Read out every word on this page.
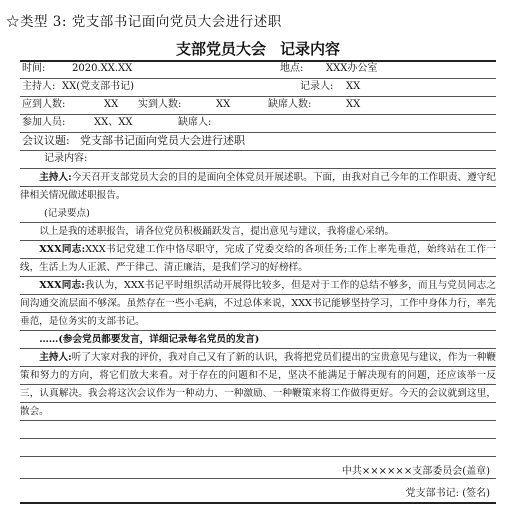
☆类型 3: 党支部书记面向党员大会进行述职
支部党员大会 记录内容
时间:	2020.XX.XX	地点: XXX办公室
主持人: XX(党支部书记)	记录人: XX
应到人数:	XX 实到人数:	XX	缺席人数:	XX
参加人员:	XX、XX	缺席人:
会议议题: 党支部书记面向党员大会进行述职
记录内容:
主持人:今天召开支部党员大会的目的是面向全体党员开展述职。下面，由我对自己今年的工作职责、遵守纪律相关情况做述职报告。
(记录要点)
以上是我的述职报告，请各位党员积极踊跃发言，提出意见与建议，我将虚心采纳。
XXX同志:XXX书记党建工作中恪尽职守，完成了党委交给的各项任务;工作上率先垂范，始终站在工作一线，生活上为人正派、严于律己、清正廉洁，是我们学习的好榜样。
XXX同志:我认为，XXX书记平时组织活动开展得比较多，但是对于工作的总结不够多，而且与党员同志之间沟通交流层面不够深。虽然存在一些小毛病，不过总体来说，XXX书记能够坚持学习，工作中身体力行，率先垂范，是位务实的支部书记。
……(参会党员都要发言，详细记录每名党员的发言)
主持人:听了大家对我的评价，我对自己又有了新的认识，我将把党员们提出的宝贵意见与建议，作为一种鞭策和努力的方向，将它们放大来看。对于存在的问题和不足，坚决不能满足于解决现有的问题，还应该举一反三，认真解决。我会将这次会议作为一种动力、一种激励、一种鞭策来将工作做得更好。今天的会议就到这里，散会。
中共××××××支部委员会(盖章)
党支部书记: (签名)
